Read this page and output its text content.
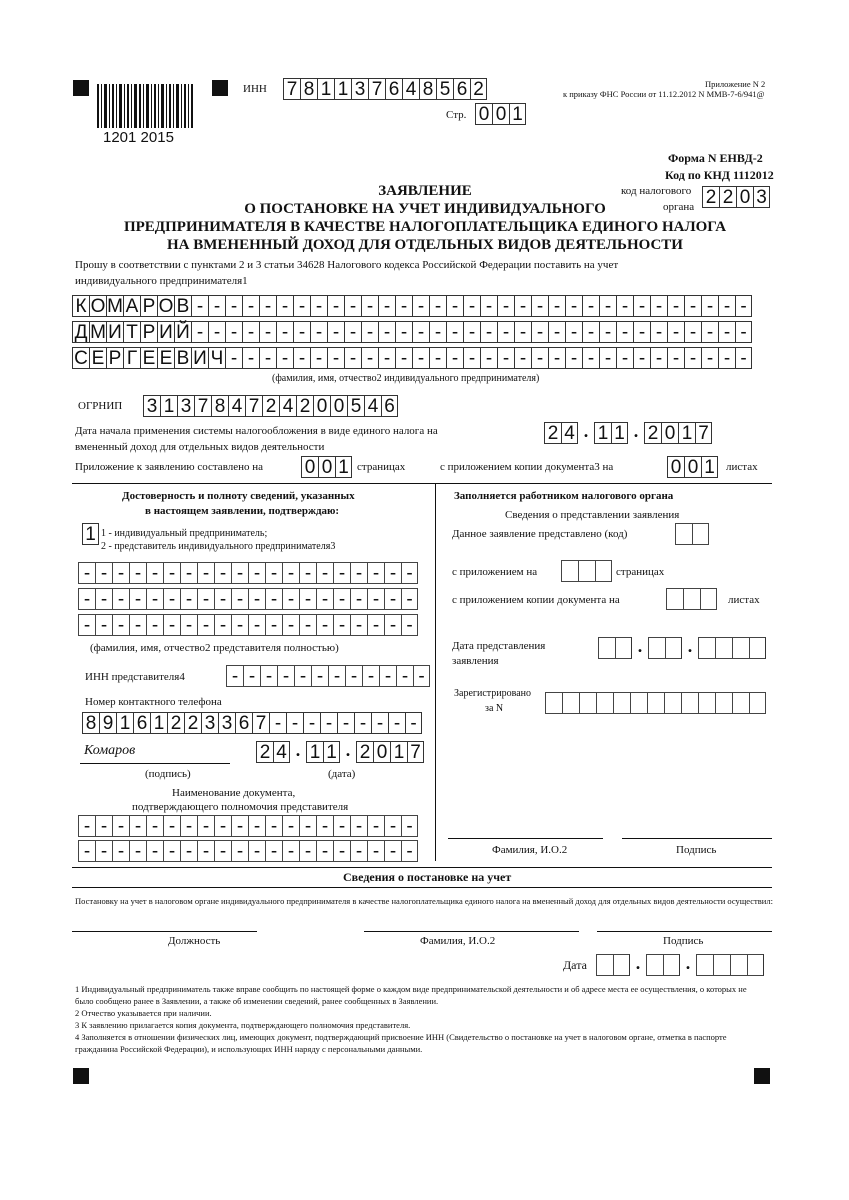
1201 2015
ИНН 7 8 1 1 3 7 6 4 8 5 6 2
Стр. 0 0 1
Приложение N 2
к приказу ФНС России от 11.12.2012 N ММВ-7-6/941@
Форма N ЕНВД-2
Код по КНД 1112012
код налогового
органа 2 2 0 3
ЗАЯВЛЕНИЕ
О ПОСТАНОВКЕ НА УЧЕТ ИНДИВИДУАЛЬНОГО
ПРЕДПРИНИМАТЕЛЯ В КАЧЕСТВЕ НАЛОГОПЛАТЕЛЬЩИКА ЕДИНОГО НАЛОГА
НА ВМЕНЕННЫЙ ДОХОД ДЛЯ ОТДЕЛЬНЫХ ВИДОВ ДЕЯТЕЛЬНОСТИ
Прошу в соответствии с пунктами 2 и 3 статьи 34628 Налогового кодекса Российской Федерации поставить на учет
индивидуального предпринимателя1
К О М А Р О В - - - - - - - - - - - - - - - - - - - - - - - - - - - - - - - - -
Д М И Т Р И Й - - - - - - - - - - - - - - - - - - - - - - - - - - - - - - - - -
С Е Р Г Е Е В И Ч - - - - - - - - - - - - - - - - - - - - - - - - - - - - - - -
(фамилия, имя, отчество2 индивидуального предпринимателя)
ОГРНИП 3 1 3 7 8 4 7 2 4 2 0 0 5 4 6
Дата начала применения системы налогообложения в виде единого налога на
вмененный доход для отдельных видов деятельности
2 4 . 1 1 . 2 0 1 7
Приложение к заявлению составлено на 0 0 1 страницах	с приложением копии документа3 на	0 0 1 листах
Достоверность и полноту сведений, указанных
в настоящем заявлении, подтверждаю:
1 1 - индивидуальный предприниматель;
2 - представитель индивидуального предпринимателя3
- - - - - - - - - - - - - - - - - - - -
- - - - - - - - - - - - - - - - - - - -
- - - - - - - - - - - - - - - - - - - -
(фамилия, имя, отчество2 представителя полностью)
ИНН представителя4	- - - - - - - - - - - -
Номер контактного телефона
8 9 1 6 1 2 2 3 3 6 7 - - - - - - - - -
Комаров	2 4 . 1 1 . 2 0 1 7
(подпись)	(дата)
Наименование документа,
подтверждающего полномочия представителя
- - - - - - - - - - - - - - - - - - - -
- - - - - - - - - - - - - - - - - - - -
Заполняется работником налогового органа
Сведения о представлении заявления
Данное заявление представлено (код)
с приложением на	страницах
с приложением копии документа на	листах
Дата представления
заявления
.	.
Зарегистрировано
за N
Фамилия, И.О.2	Подпись
Сведения о постановке на учет
Постановку на учет в налоговом органе индивидуального предпринимателя в качестве налогоплательщика единого налога на вмененный доход для отдельных видов деятельности осуществил:
Должность	Фамилия, И.О.2	Подпись
Дата	.	.
1 Индивидуальный предприниматель также вправе сообщить по настоящей форме о каждом виде предпринимательской деятельности и об адресе места ее осуществления, о которых не
было сообщено ранее в Заявлении, а также об изменении сведений, ранее сообщенных в Заявлении.
2 Отчество указывается при наличии.
3 К заявлению прилагается копия документа, подтверждающего полномочия представителя.
4 Заполняется в отношении физических лиц, имеющих документ, подтверждающий присвоение ИНН (Свидетельство о постановке на учет в налоговом органе, отметка в паспорте
гражданина Российской Федерации), и использующих ИНН наряду с персональными данными.
